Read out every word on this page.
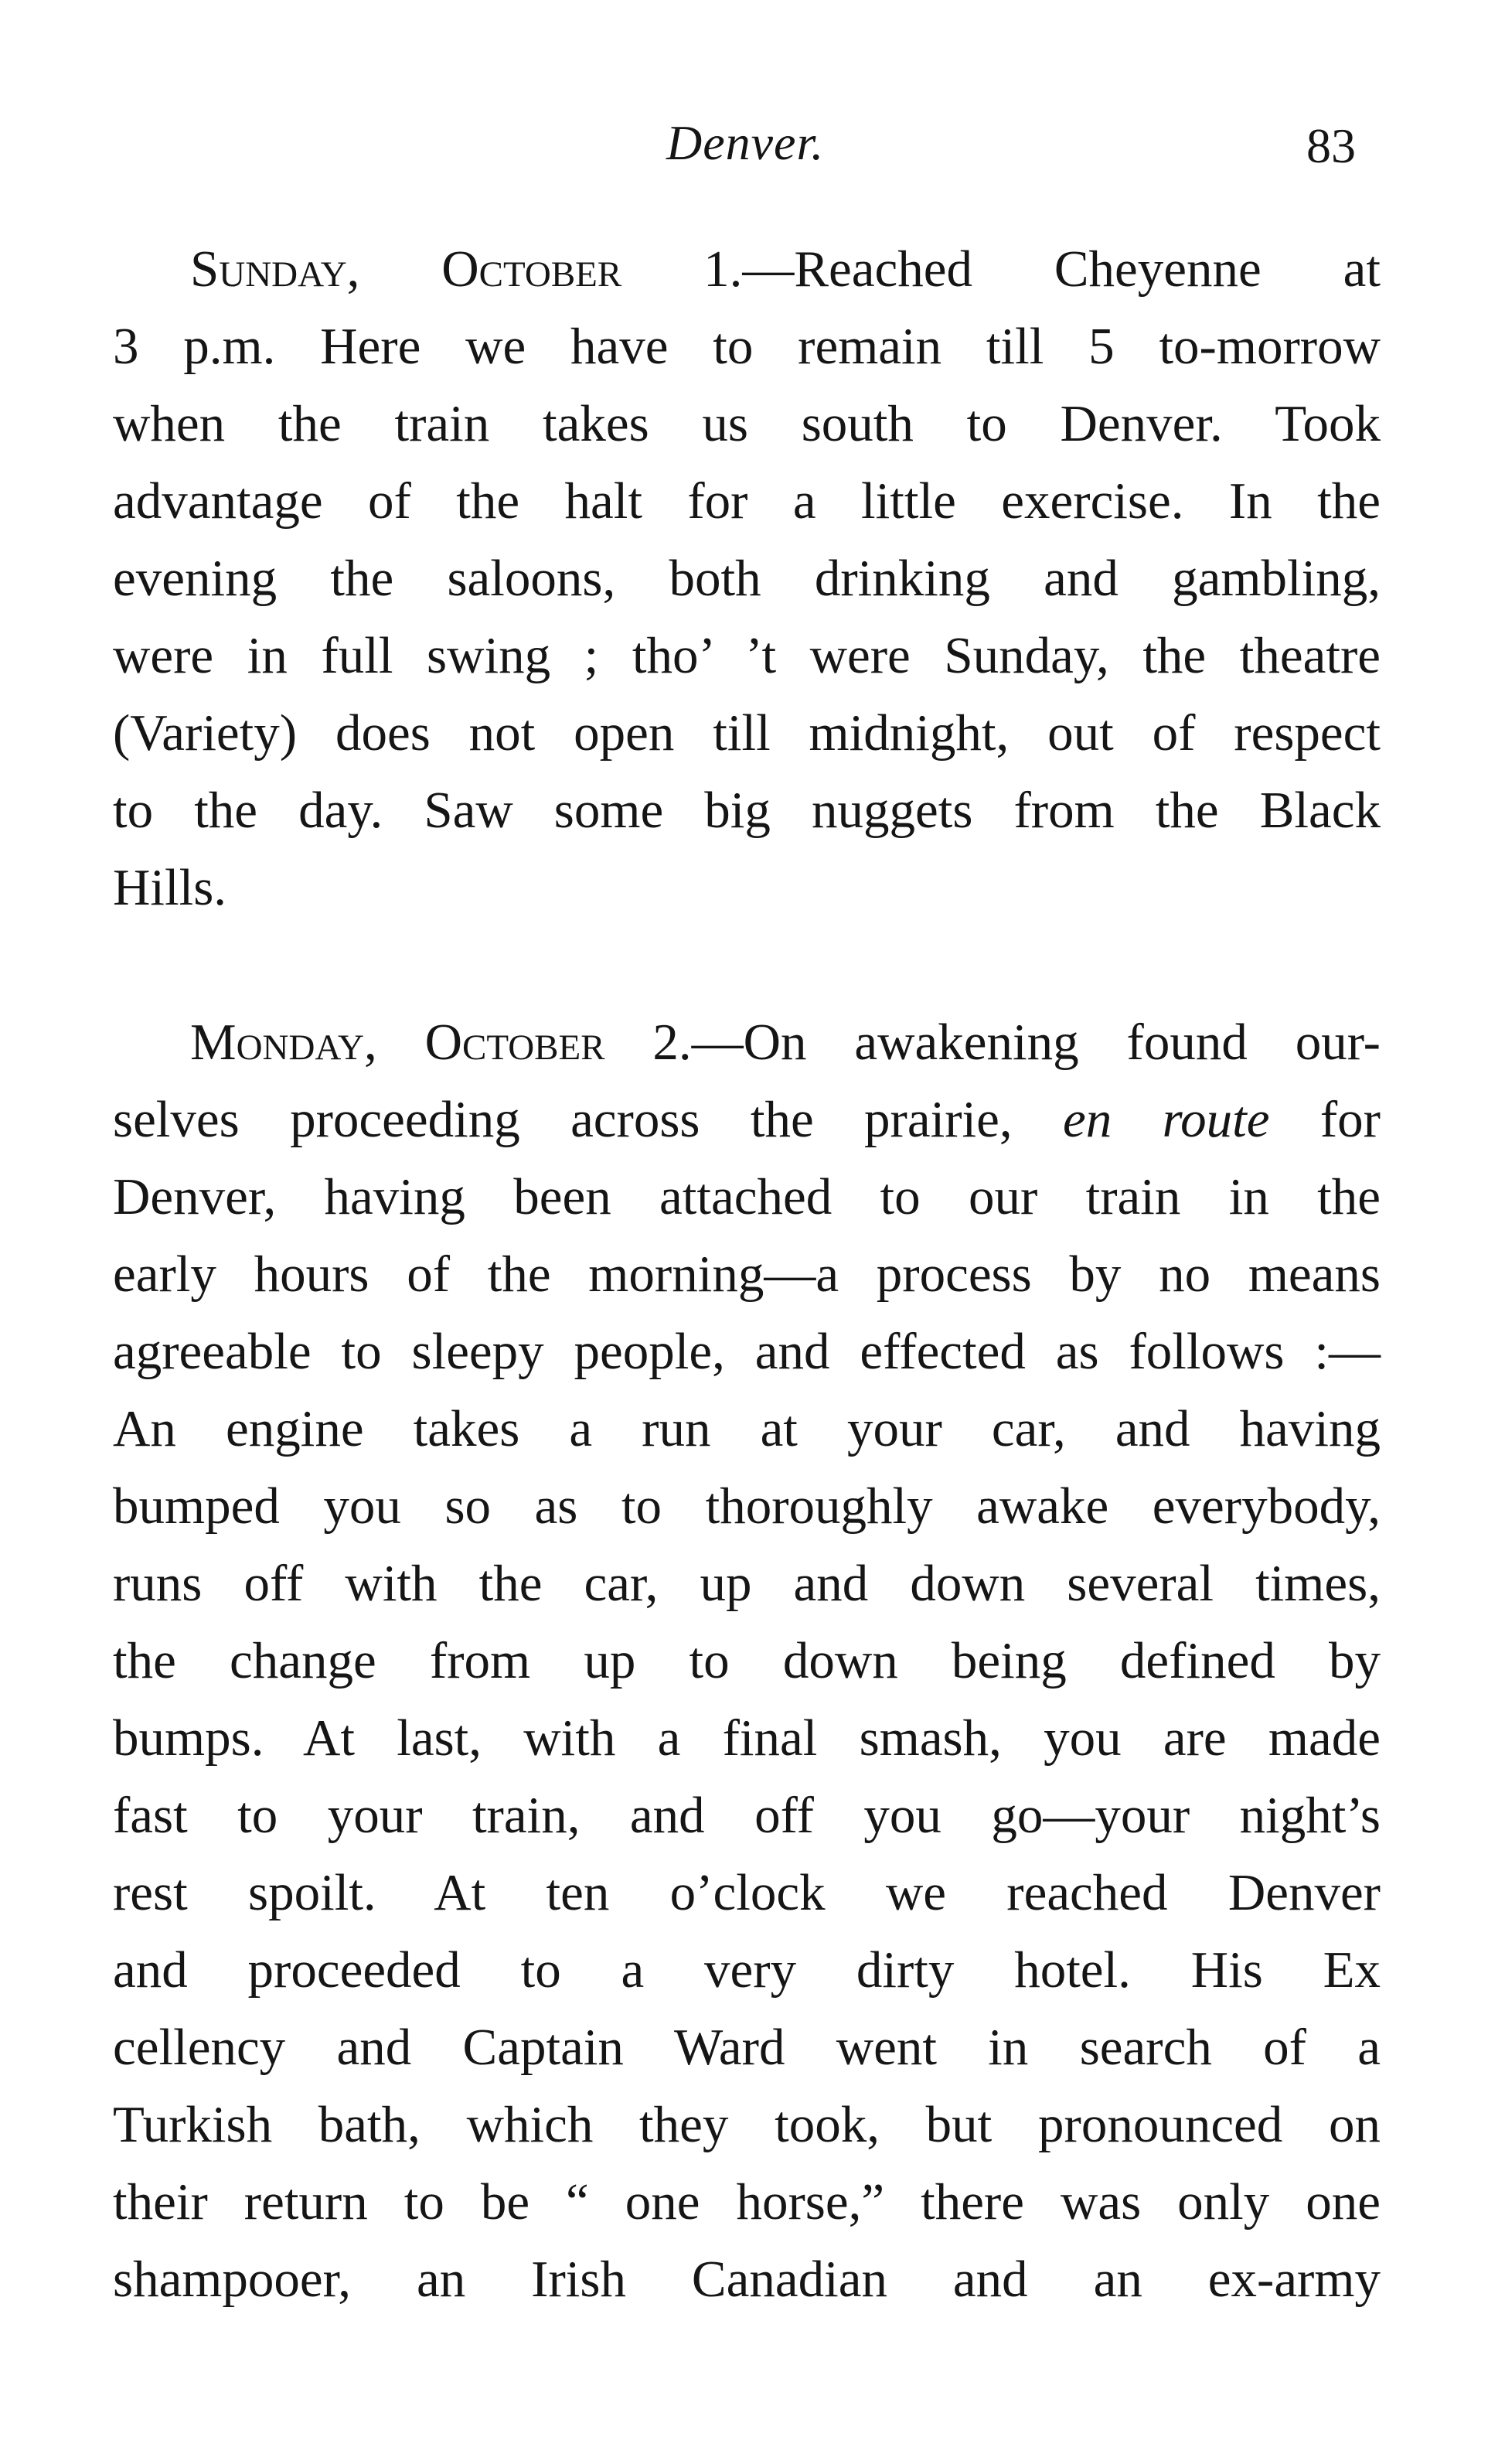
Denver.	83
Sunday, October 1.—Reached Cheyenne at
3 p.m. Here we have to remain till 5 to-morrow
when the train takes us south to Denver. Took
advantage of the halt for a little exercise. In the
evening the saloons, both drinking and gambling,
were in full swing ; tho’ ’t were Sunday, the theatre
(Variety) does not open till midnight, out of respect
to the day. Saw some big nuggets from the Black
Hills.
Monday, October 2.—On awakening found our-
selves proceeding across the prairie, en route for
Denver, having been attached to our train in the
early hours of the morning—a process by no means
agreeable to sleepy people, and effected as follows :—
An engine takes a run at your car, and having
bumped you so as to thoroughly awake everybody,
runs off with the car, up and down several times,
the change from up to down being defined by
bumps. At last, with a final smash, you are made
fast to your train, and off you go—your night’s
rest spoilt. At ten o’clock we reached Denver
and proceeded to a very dirty hotel. His Ex
cellency and Captain Ward went in search of a
Turkish bath, which they took, but pronounced on
their return to be “ one horse,” there was only one
shampooer, an Irish Canadian and an ex-army
